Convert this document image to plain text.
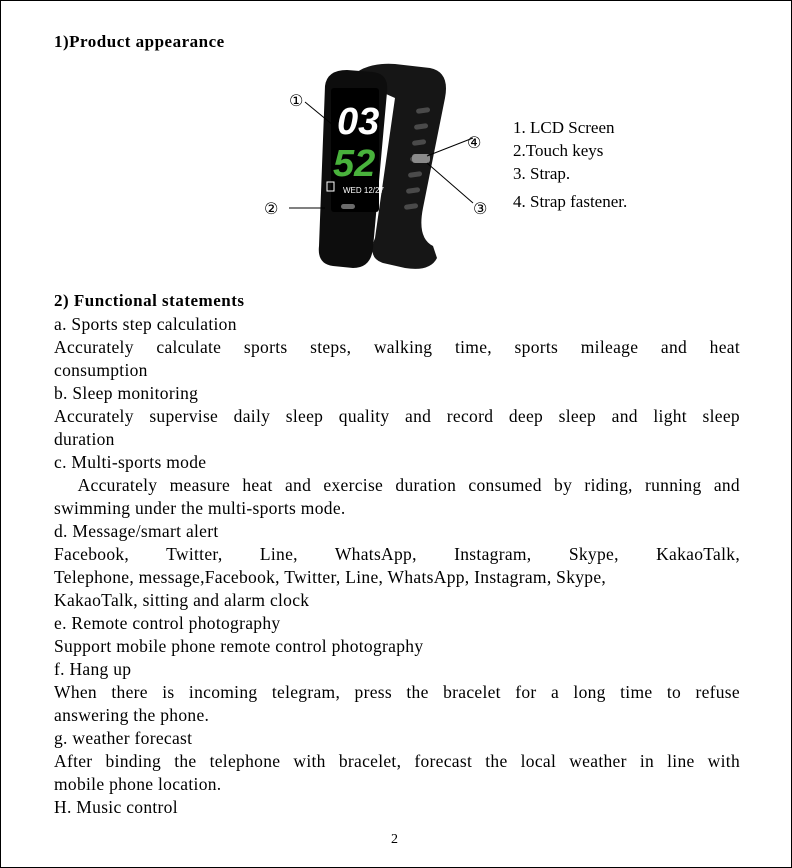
1)Product appearance
03
52
WED 12/27
①
②	③
④
1. LCD Screen
2.Touch keys
3. Strap.
4. Strap fastener.
2) Functional statements
a. Sports step calculation
Accurately calculate sports steps, walking time, sports mileage and heat
consumption
b. Sleep monitoring
Accurately supervise daily sleep quality and record deep sleep and light sleep
duration
c. Multi-sports mode
Accurately measure heat and exercise duration consumed by riding, running and
swimming under the multi-sports mode.
d. Message/smart alert
Facebook, Twitter, Line, WhatsApp, Instagram, Skype, KakaoTalk,
Telephone, message,Facebook, Twitter, Line, WhatsApp, Instagram, Skype,
KakaoTalk, sitting and alarm clock
e. Remote control photography
Support mobile phone remote control photography
f. Hang up
When there is incoming telegram, press the bracelet for a long time to refuse
answering the phone.
g. weather forecast
After binding the telephone with bracelet, forecast the local weather in line with
mobile phone location.
H. Music control
2
